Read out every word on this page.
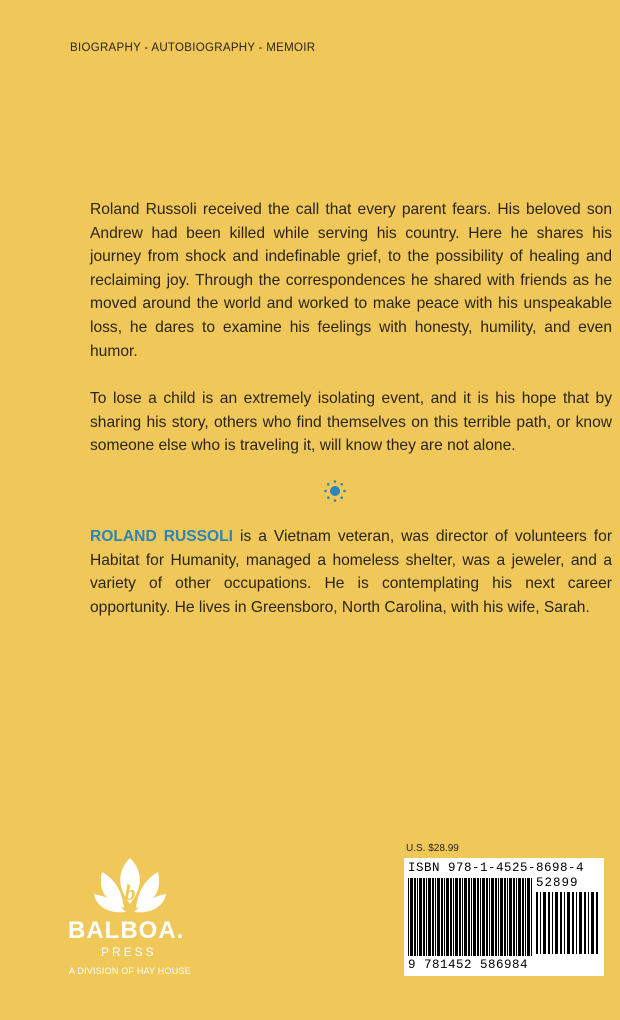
BIOGRAPHY - AUTOBIOGRAPHY - MEMOIR

Roland Russoli received the call that every parent fears. His beloved son Andrew had been killed while serving his country. Here he shares his journey from shock and indefinable grief, to the possibility of healing and reclaiming joy. Through the correspondences he shared with friends as he moved around the world and worked to make peace with his unspeakable loss, he dares to examine his feelings with honesty, humility, and even humor.

To lose a child is an extremely isolating event, and it is his hope that by sharing his story, others who find themselves on this terrible path, or know someone else who is traveling it, will know they are not alone.

ROLAND RUSSOLI is a Vietnam veteran, was director of volunteers for Habitat for Humanity, managed a homeless shelter, was a jeweler, and a variety of other occupations. He is contemplating his next career opportunity. He lives in Greensboro, North Carolina, with his wife, Sarah.

b
BALBOA.
PRESS
A DIVISION OF HAY HOUSE
U.S. $28.99
ISBN 978-1-4525-8698-4
52899
9 781452 586984
